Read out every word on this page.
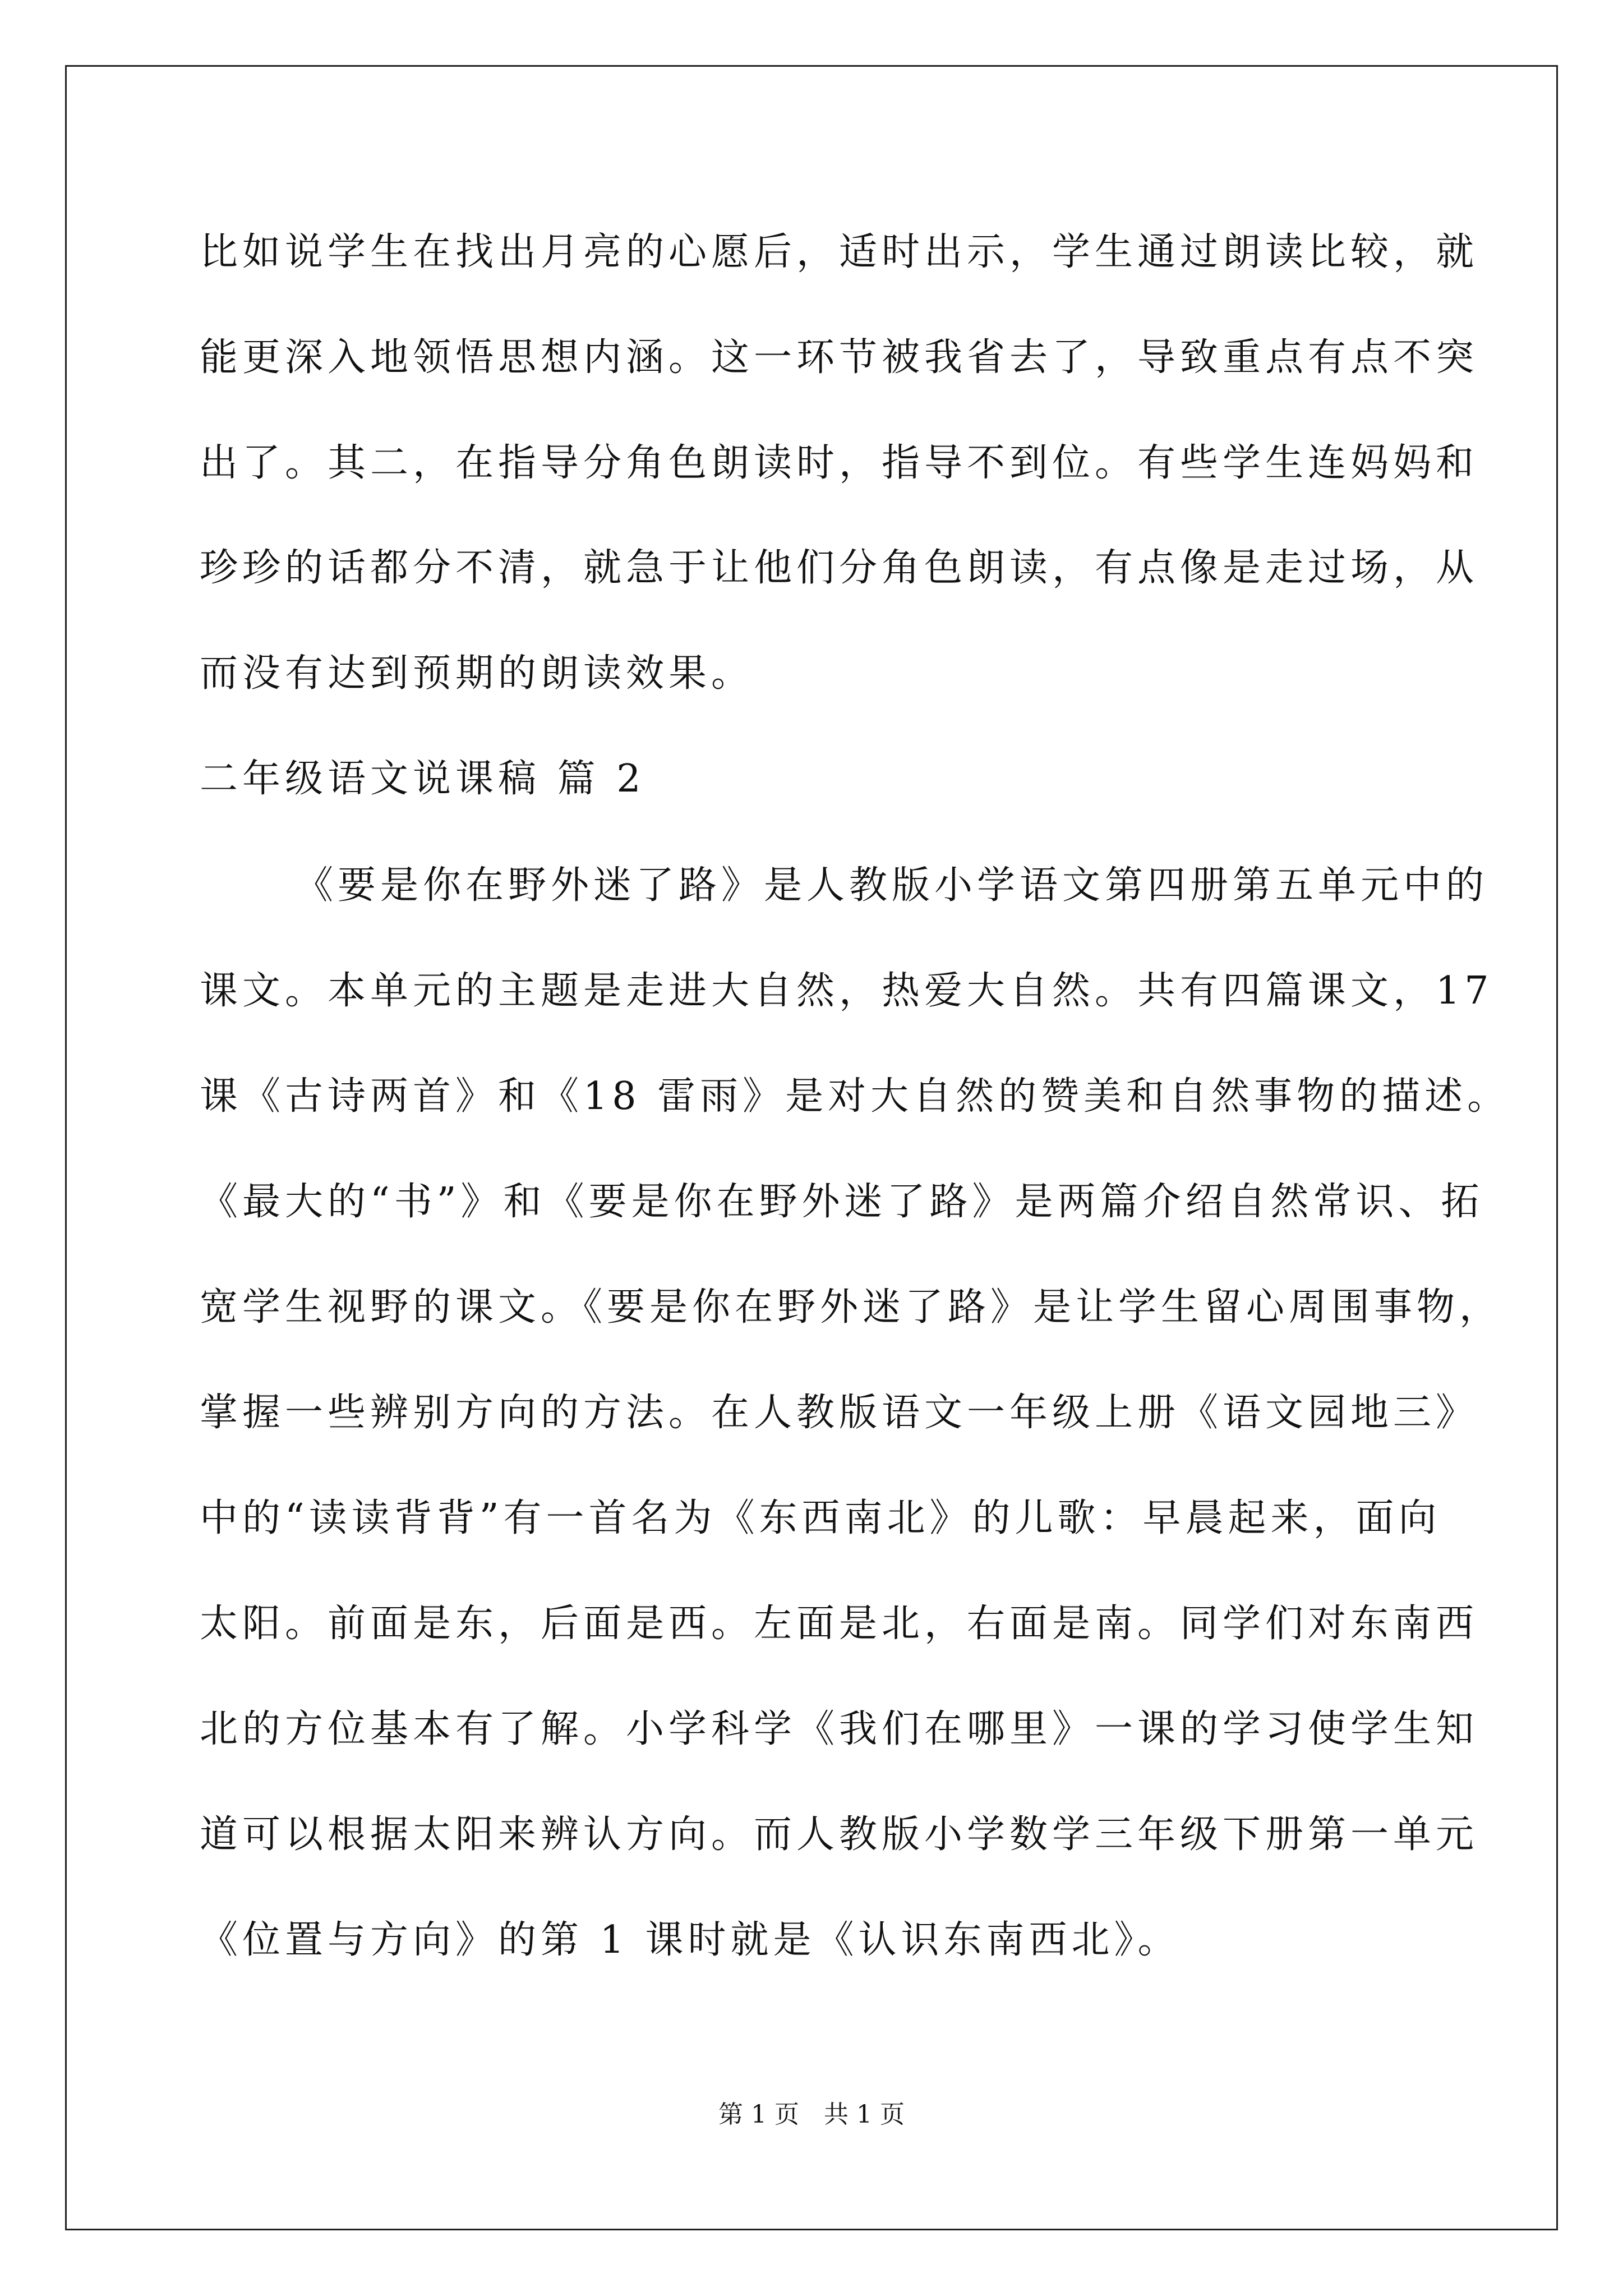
比如说学生在找出月亮的心愿后，适时出示，学生通过朗读比较，就
能更深入地领悟思想内涵。这一环节被我省去了，导致重点有点不突
出了。其二，在指导分角色朗读时，指导不到位。有些学生连妈妈和
珍珍的话都分不清，就急于让他们分角色朗读，有点像是走过场，从
而没有达到预期的朗读效果。
二年级语文说课稿 篇 2
《要是你在野外迷了路》是人教版小学语文第四册第五单元中的
课文。本单元的主题是走进大自然，热爱大自然。共有四篇课文，17
课《古诗两首》和《18 雷雨》是对大自然的赞美和自然事物的描述。
《最大的“书”》和《要是你在野外迷了路》是两篇介绍自然常识、拓
宽学生视野的课文。《要是你在野外迷了路》是让学生留心周围事物，
掌握一些辨别方向的方法。在人教版语文一年级上册《语文园地三》
中的“读读背背”有一首名为《东西南北》的儿歌：早晨起来，面向
太阳。前面是东，后面是西。左面是北，右面是南。同学们对东南西
北的方位基本有了解。小学科学《我们在哪里》一课的学习使学生知
道可以根据太阳来辨认方向。而人教版小学数学三年级下册第一单元
《位置与方向》的第 1 课时就是《认识东南西北》。
第 1 页　共 1 页
